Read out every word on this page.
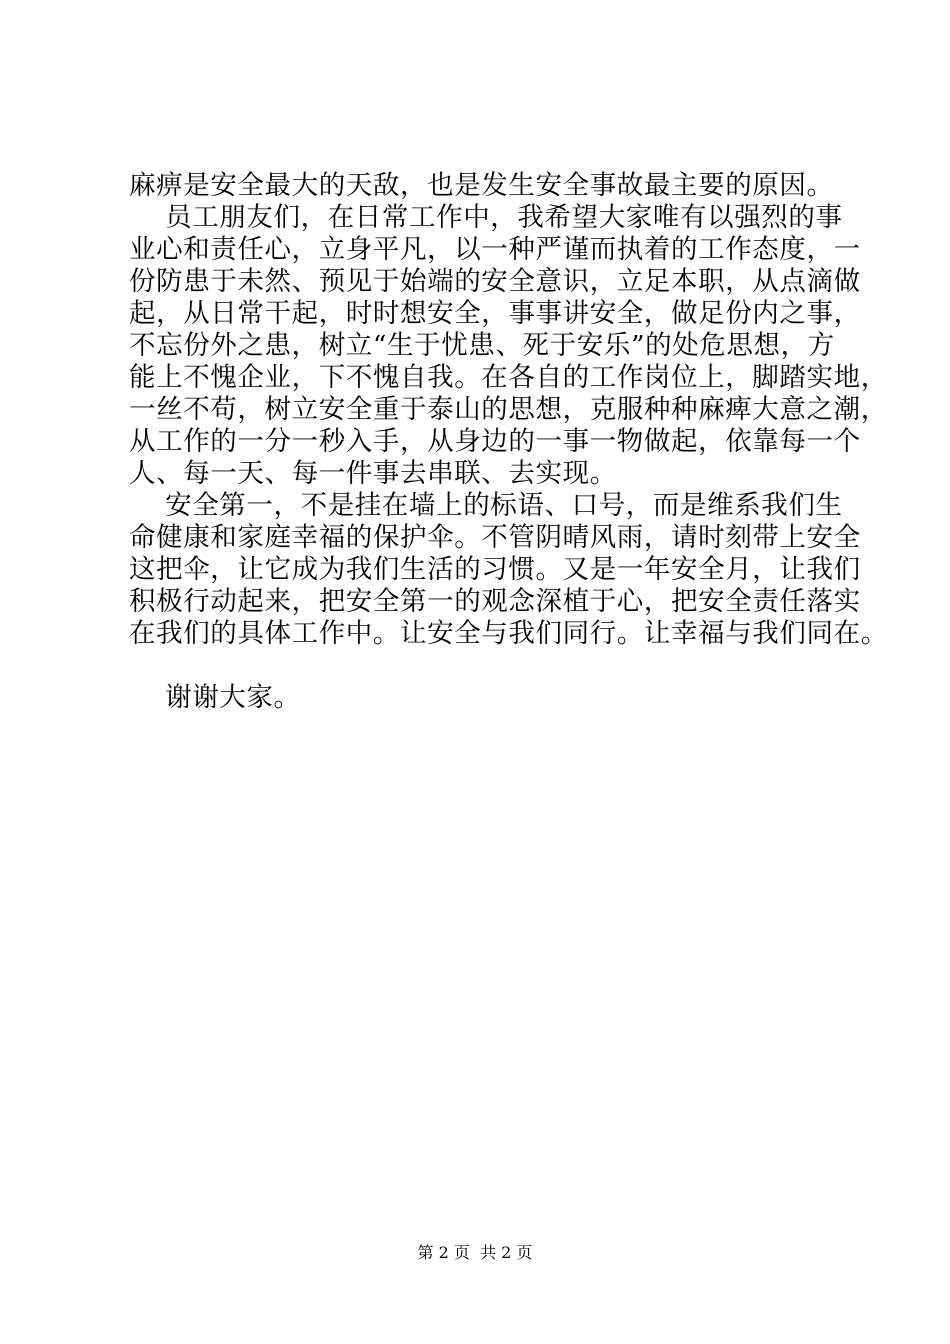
麻痹是安全最大的天敌，也是发生安全事故最主要的原因。
员工朋友们，在日常工作中，我希望大家唯有以强烈的事
业心和责任心，立身平凡，以一种严谨而执着的工作态度，一
份防患于未然、预见于始端的安全意识，立足本职，从点滴做
起，从日常干起，时时想安全，事事讲安全，做足份内之事，
不忘份外之患，树立“生于忧患、死于安乐”的处危思想，方
能上不愧企业，下不愧自我。在各自的工作岗位上，脚踏实地，
一丝不苟，树立安全重于泰山的思想，克服种种麻痺大意之潮，
从工作的一分一秒入手，从身边的一事一物做起，依靠每一个
人、每一天、每一件事去串联、去实现。
安全第一，不是挂在墙上的标语、口号，而是维系我们生
命健康和家庭幸福的保护伞。不管阴晴风雨，请时刻带上安全
这把伞，让它成为我们生活的习惯。又是一年安全月，让我们
积极行动起来，把安全第一的观念深植于心，把安全责任落实
在我们的具体工作中。让安全与我们同行。让幸福与我们同在。
谢谢大家。
第 2 页  共 2 页
